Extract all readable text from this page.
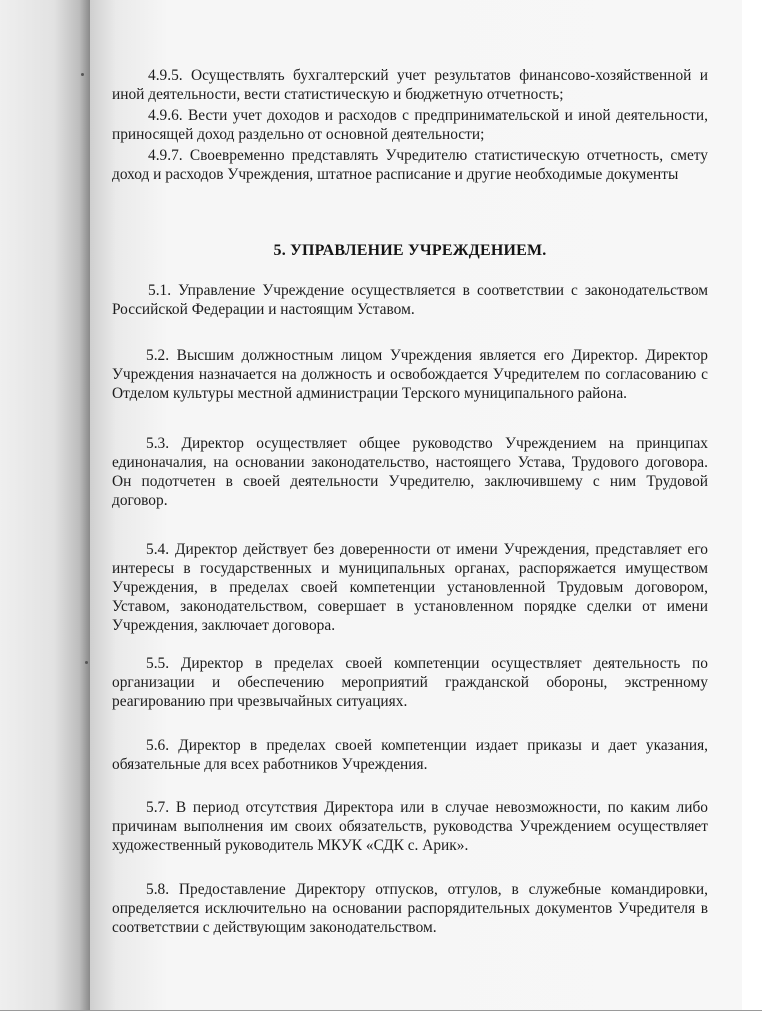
4.9.5. Осуществлять бухгалтерский учет результатов финансово-хозяйственной и иной деятельности, вести статистическую и бюджетную отчетность;

4.9.6. Вести учет доходов и расходов с предпринимательской и иной деятельности, приносящей доход раздельно от основной деятельности;

4.9.7. Своевременно представлять Учредителю статистическую отчетность, смету доход и расходов Учреждения, штатное расписание и другие необходимые документы

5. УПРАВЛЕНИЕ УЧРЕЖДЕНИЕМ.

5.1. Управление Учреждение осуществляется в соответствии с законодательством Российской Федерации и настоящим Уставом.

5.2. Высшим должностным лицом Учреждения является его Директор. Директор Учреждения назначается на должность и освобождается Учредителем по согласованию с Отделом культуры местной администрации Терского муниципального района.

5.3. Директор осуществляет общее руководство Учреждением на принципах единоначалия, на основании законодательство, настоящего Устава, Трудового договора. Он подотчетен в своей деятельности Учредителю, заключившему с ним Трудовой договор.

5.4. Директор действует без доверенности от имени Учреждения, представляет его интересы в государственных и муниципальных органах, распоряжается имуществом Учреждения, в пределах своей компетенции установленной Трудовым договором, Уставом, законодательством, совершает в установленном порядке сделки от имени Учреждения, заключает договора.

5.5. Директор в пределах своей компетенции осуществляет деятельность по организации и обеспечению мероприятий гражданской обороны, экстренному реагированию при чрезвычайных ситуациях.

5.6. Директор в пределах своей компетенции издает приказы и дает указания, обязательные для всех работников Учреждения.

5.7. В период отсутствия Директора или в случае невозможности, по каким либо причинам выполнения им своих обязательств, руководства Учреждением осуществляет художественный руководитель МКУК «СДК с. Арик».

5.8. Предоставление Директору отпусков, отгулов, в служебные командировки, определяется исключительно на основании распорядительных документов Учредителя в соответствии с действующим законодательством.
